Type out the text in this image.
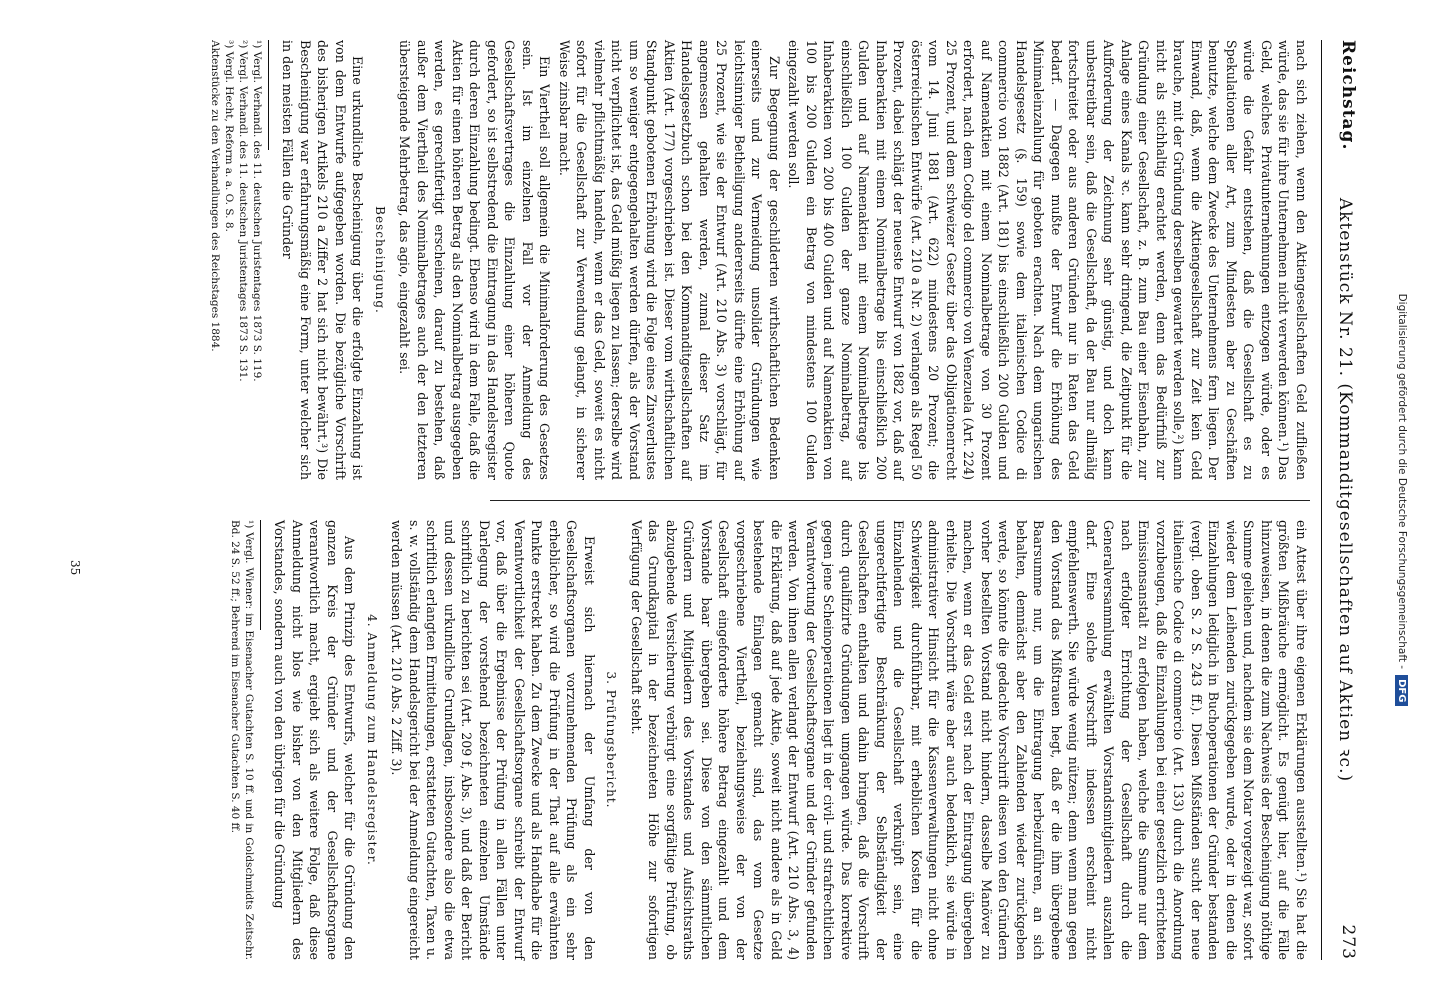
Reichstag.
Aktenstück Nr. 21. (Kommanditgesellschaften auf Aktien ꝛc.)
273

nach sich ziehen, wenn den Aktiengesellschaften Geld zufließen würde, das sie für ihre Unternehmen nicht verwerden können.¹) Das Geld, welches Privatunternehmungen entzogen würde, oder es würde die Gefahr entstehen, daß die Gesellschaft es zu Spekulationen aller Art, zum Mindesten aber zu Geschäften benutzte, welche dem Zwecke des Unternehmens fern liegen. Der Einwand, daß, wenn die Aktiengesellschaft zur Zeit kein Geld brauche, mit der Gründung derselben gewartet werden solle,²) kann nicht als stichhaltig erachtet werden, denn das Bedürfniß zur Gründung einer Gesellschaft, z. B. zum Bau einer Eisenbahn, zur Anlage eines Kanals ꝛc. kann sehr dringend, die Zeitpunkt für die Aufforderung der Zeichnung sehr günstig, und doch kann unbestreitbar sein, daß die Gesellschaft, da der Bau nur allmälig fortschreitet oder aus anderen Gründen nur in Raten das Geld bedarf. — Dagegen mußte der Entwurf die Erhöhung des Minimaleinzahlung für geboten erachten. Nach dem ungarischen Handelsgesetz (§. 159) sowie dem italienischen Codice di commercio von 1882 (Art. 181) bis einschließlich 200 Gulden und auf Namenaktien mit einem Nominalbetrage von 30 Prozent erfordert, nach dem Codigo del commercio von Venezuela (Art. 224) 25 Prozent, und dem schweizer Gesetz über das Obligationenrecht vom 14. Juni 1881 (Art. 622) mindestens 20 Prozent; die österreichischen Entwürfe (Art. 210 a Nr. 2) verlangen als Regel 50 Prozent, dabei schlägt der neueste Entwurf von 1882 vor, daß auf Inhaberaktien mit einem Nominalbetrage bis einschließlich 200 Gulden und auf Namenaktien mit einem Nominalbetrage bis einschließlich 100 Gulden der ganze Nominalbetrag, auf Inhaberaktien von 200 bis 400 Gulden und auf Namenaktien von 100 bis 200 Gulden ein Betrag von mindestens 100 Gulden eingezahlt werden soll.

Zur Begegnung der geschilderten wirthschaftlichen Bedenken einerseits und zur Vermeidung unsolider Gründungen wie leichtsinniger Betheiligung andererseits dürfte eine Erhöhung auf 25 Prozent, wie sie der Entwurf (Art. 210 Abs. 3) vorschlägt, für angemessen gehalten werden, zumal dieser Satz im Handelsgesetzbuch schon bei den Kommanditgesellschaften auf Aktien (Art. 177) vorgeschrieben ist. Dieser vom wirthschaftlichen Standpunkt gebotenen Erhöhung wird die Folge eines Zinsverlustes um so weniger entgegengehalten werden dürfen, als der Vorstand nicht verpflichtet ist, das Geld müßig liegen zu lassen; derselbe wird vielmehr pflichtmäßig handeln, wenn er das Geld, soweit es nicht sofort für die Gesellschaft zur Verwendung gelangt, in sicherer Weise zinsbar macht.

Ein Viertheil soll allgemein die Minimalforderung des Gesetzes sein. Ist im einzelnen Fall vor der Anmeldung des Gesellschaftsvertrages die Einzahlung einer höheren Quote gefordert, so ist selbstredend die Eintragung in das Handelsregister durch deren Einzahlung bedingt. Ebenso wird in dem Falle, daß die Aktien für einen höheren Betrag als den Nominalbetrag ausgegeben werden, es gerechtfertigt erscheinen, darauf zu bestehen, daß außer dem Viertheil des Nominalbetrages auch der den letzteren übersteigende Mehrbetrag, das agio, eingezahlt sei.

Bescheinigung.

Eine urkundliche Bescheinigung über die erfolgte Einzahlung ist von dem Entwurfe aufgegeben worden. Die bezügliche Vorschrift des bisherigen Artikels 210 a Ziffer 2 hat sich nicht bewährt.³) Die Bescheinigung war erfahrungsmäßig eine Form, unter welcher sich in den meisten Fällen die Gründer

¹) Vergl. Verhandl. des 11. deutschen Juristentages 1873 S. 119.

²) Vergl. Verhandl. des 11. deutschen Juristentages 1873 S. 131.

³) Vergl. Hecht, Reform a. a. O. S. 8.

Aktenstücke zu den Verhandlungen des Reichstages 1884.

ein Attest über ihre eigenen Erklärungen ausstellten.¹) Sie hat die größten Mißbräuche ermöglicht. Es genügt hier, auf die Fälle hinzuweisen, in denen die zum Nachweis der Bescheinigung nöthige Summe geliehen und, nachdem sie dem Notar vorgezeigt war, sofort wieder dem Leihenden zurückgegeben wurde, oder in denen die Einzahlungen lediglich in Buchoperationen der Gründer bestanden (vergl. oben S. 2 S. 243 ff.). Diesen Mißständen sucht der neue italienische Codice di commercio (Art. 133) durch die Anordnung vorzubeugen, daß die Einzahlungen bei einer gesetzlich errichteten Emissionsanstalt zu erfolgen haben, welche die Summe nur dem nach erfolgter Errichtung der Gesellschaft durch die Generalversammlung erwählten Vorstandsmitgliedern auszahlen darf. Eine solche Vorschrift indessen erscheint nicht empfehlenswerth. Sie würde wenig nützen; denn wenn man gegen den Vorstand das Mißtrauen hegt, daß er die ihm übergebene Baarsumme nur, um die Eintragung herbeizuführen, an sich behalten, demnächst aber den Zahlenden wieder zurückgeben werde, so könnte die gedachte Vorschrift diesen von den Gründern vorher bestellten Vorstand nicht hindern, dasselbe Manöver zu machen, wenn er das Geld erst nach der Eintragung übergeben erhielte. Die Vorschrift wäre aber auch bedenklich, sie würde in administrativer Hinsicht für die Kassenverwaltungen nicht ohne Schwierigkeit durchführbar, mit erheblichen Kosten für die Einzahlenden und die Gesellschaft verknüpft sein, eine ungerechtfertigte Beschränkung der Selbständigkeit der Gesellschaften enthalten und dahin bringen, daß die Vorschrift durch qualifizirte Gründungen umgangen würde. Das korrektive gegen jene Scheinoperationen liegt in der civil- und strafrechtlichen Verantwortung der Gesellschaftsorgane und der Gründer gefunden werden. Von ihnen allen verlangt der Entwurf (Art. 210 Abs. 3, 4) die Erklärung, daß auf jede Aktie, soweit nicht andere als in Geld bestehende Einlagen gemacht sind, das vom Gesetze vorgeschriebene Viertheil, beziehungsweise der von der Gesellschaft eingeforderte höhere Betrag eingezahlt und dem Vorstande baar übergeben sei. Diese von den sämmtlichen Gründern und Mitgliedern des Vorstandes und Aufsichtsraths abzugebende Versicherung verbürgt eine sorgfältige Prüfung, ob das Grundkapital in der bezeichneten Höhe zur sofortigen Verfügung der Gesellschaft steht.

3. Prüfungsbericht.

Erweist sich hiernach der Umfang der von den Gesellschaftsorganen vorzunehmenden Prüfung als ein sehr erheblicher, so wird die Prüfung in der That auf alle erwähnten Punkte erstreckt haben. Zu dem Zwecke und als Handhabe für die Verantwortlichkeit der Gesellschaftsorgane schreibt der Entwurf vor, daß über die Ergebnisse der Prüfung in allen Fällen unter Darlegung der vorstehend bezeichneten einzelnen Umstände schriftlich zu berichten sei (Art. 209 f, Abs. 3), und daß der Bericht und dessen urkundliche Grundlagen, insbesondere also die etwa schriftlich erlangten Ermittelungen, erstatteten Gutachten, Taxen u. s. w. vollständig dem Handelsgericht bei der Anmeldung eingereicht werden müssen (Art. 210 Abs. 2 Ziff. 3).

4. Anmeldung zum Handelsregister.

Aus dem Prinzip des Entwurfs, welcher für die Gründung den ganzen Kreis der Gründer und der Gesellschaftsorgane verantwortlich macht, ergiebt sich als weitere Folge, daß diese Anmeldung nicht blos wie bisher von den Mitgliedern des Vorstandes, sondern auch von den übrigen für die Gründung

¹) Vergl. Wiener: im Eisenacher Gutachten S. 10 ff. und in Goldschmidts Zeitschr. Bd. 24 S. 52 ff.; Behrend im Eisenacher Gutachten S. 40 ff.

35	Digitalisierung gefördert durch die Deutsche Forschungsgemeinschaft -
DFG
